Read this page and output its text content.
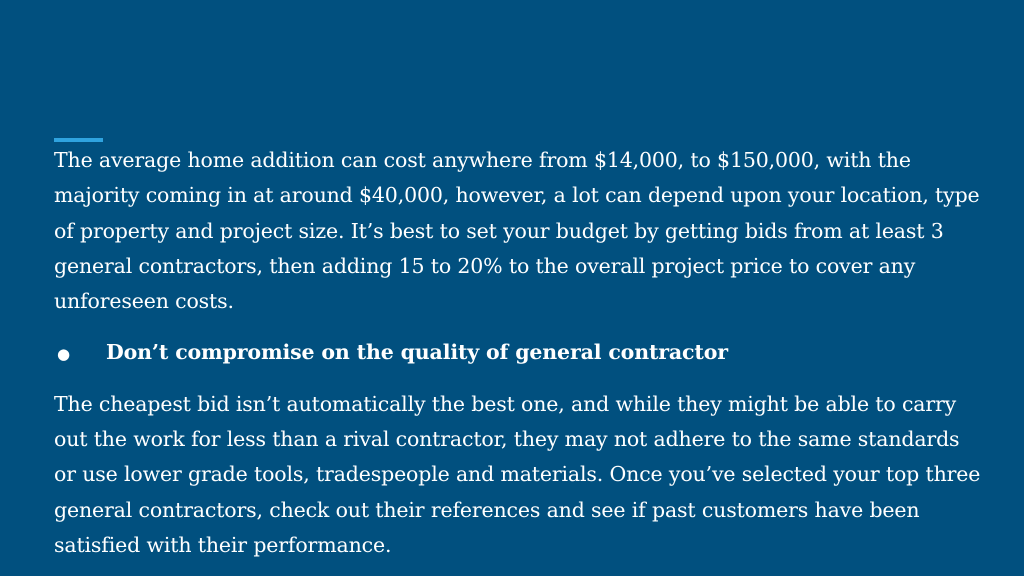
The average home addition can cost anywhere from $14,000, to $150,000, with the majority coming in at around $40,000, however, a lot can depend upon your location, type of property and project size. It’s best to set your budget by getting bids from at least 3 general contractors, then adding 15 to 20% to the overall project price to cover any unforeseen costs.

●	Don’t compromise on the quality of general contractor

The cheapest bid isn’t automatically the best one, and while they might be able to carry out the work for less than a rival contractor, they may not adhere to the same standards or use lower grade tools, tradespeople and materials. Once you’ve selected your top three general contractors, check out their references and see if past customers have been satisfied with their performance.
